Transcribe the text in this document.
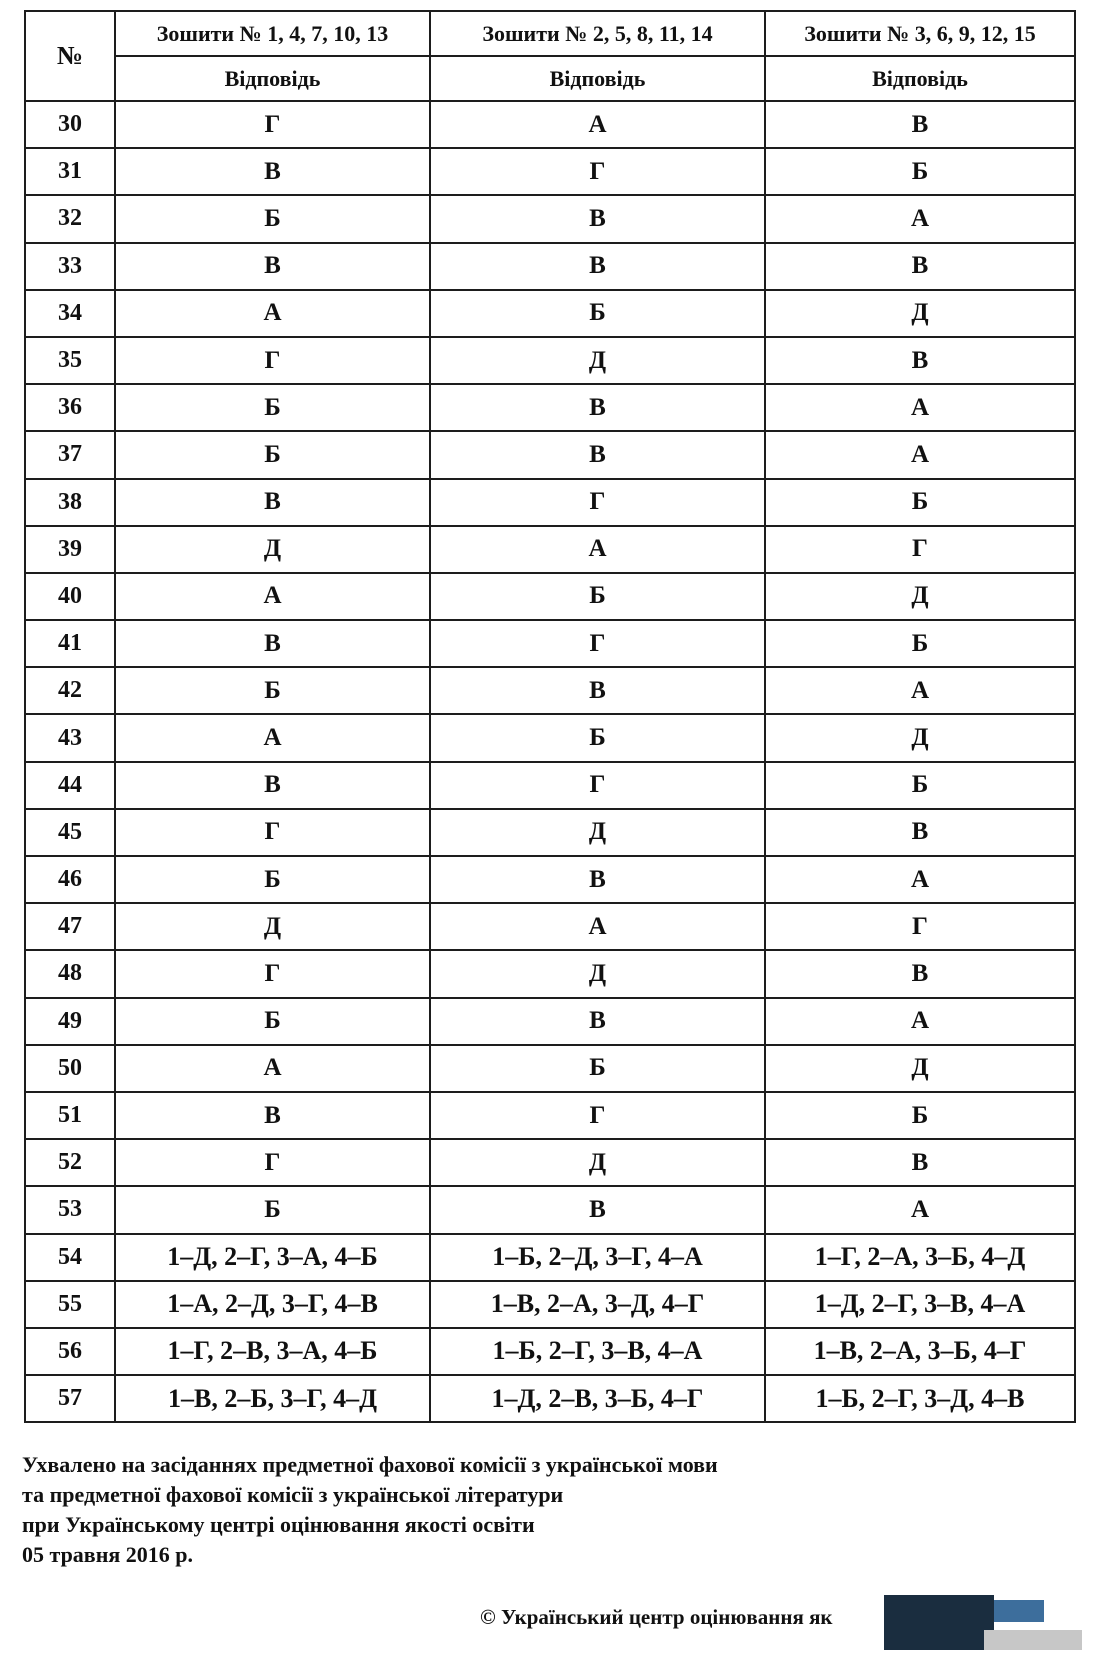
№	Зошити № 1, 4, 7, 10, 13	Зошити № 2, 5, 8, 11, 14	Зошити № 3, 6, 9, 12, 15
	Відповідь	Відповідь	Відповідь
30	Г	А	В
31	В	Г	Б
32	Б	В	А
33	В	В	В
34	А	Б	Д
35	Г	Д	В
36	Б	В	А
37	Б	В	А
38	В	Г	Б
39	Д	А	Г
40	А	Б	Д
41	В	Г	Б
42	Б	В	А
43	А	Б	Д
44	В	Г	Б
45	Г	Д	В
46	Б	В	А
47	Д	А	Г
48	Г	Д	В
49	Б	В	А
50	А	Б	Д
51	В	Г	Б
52	Г	Д	В
53	Б	В	А
54	1–Д, 2–Г, 3–А, 4–Б	1–Б, 2–Д, 3–Г, 4–А	1–Г, 2–А, 3–Б, 4–Д
55	1–А, 2–Д, 3–Г, 4–В	1–В, 2–А, 3–Д, 4–Г	1–Д, 2–Г, 3–В, 4–А
56	1–Г, 2–В, 3–А, 4–Б	1–Б, 2–Г, 3–В, 4–А	1–В, 2–А, 3–Б, 4–Г
57	1–В, 2–Б, 3–Г, 4–Д	1–Д, 2–В, 3–Б, 4–Г	1–Б, 2–Г, 3–Д, 4–В
Ухвалено на засіданнях предметної фахової комісії з української мови
та предметної фахової комісії з української літератури
при Українському центрі оцінювання якості освіти
05 травня 2016 р.
© Український центр оцінювання як
